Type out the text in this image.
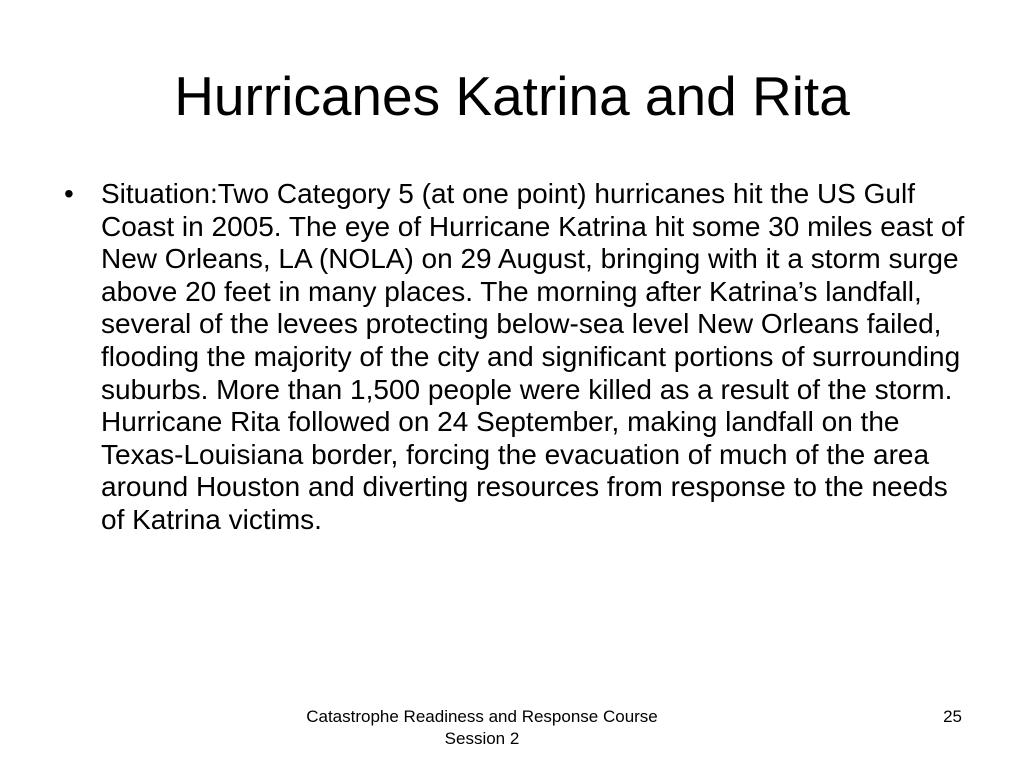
Hurricanes Katrina and Rita
• Situation:Two Category 5 (at one point) hurricanes hit the US Gulf Coast in 2005. The eye of Hurricane Katrina hit some 30 miles east of New Orleans, LA (NOLA) on 29 August, bringing with it a storm surge above 20 feet in many places. The morning after Katrina’s landfall, several of the levees protecting below-sea level New Orleans failed, flooding the majority of the city and significant portions of surrounding suburbs. More than 1,500 people were killed as a result of the storm. Hurricane Rita followed on 24 September, making landfall on the Texas-Louisiana border, forcing the evacuation of much of the area around Houston and diverting resources from response to the needs of Katrina victims.
Catastrophe Readiness and Response Course
Session 2
25
